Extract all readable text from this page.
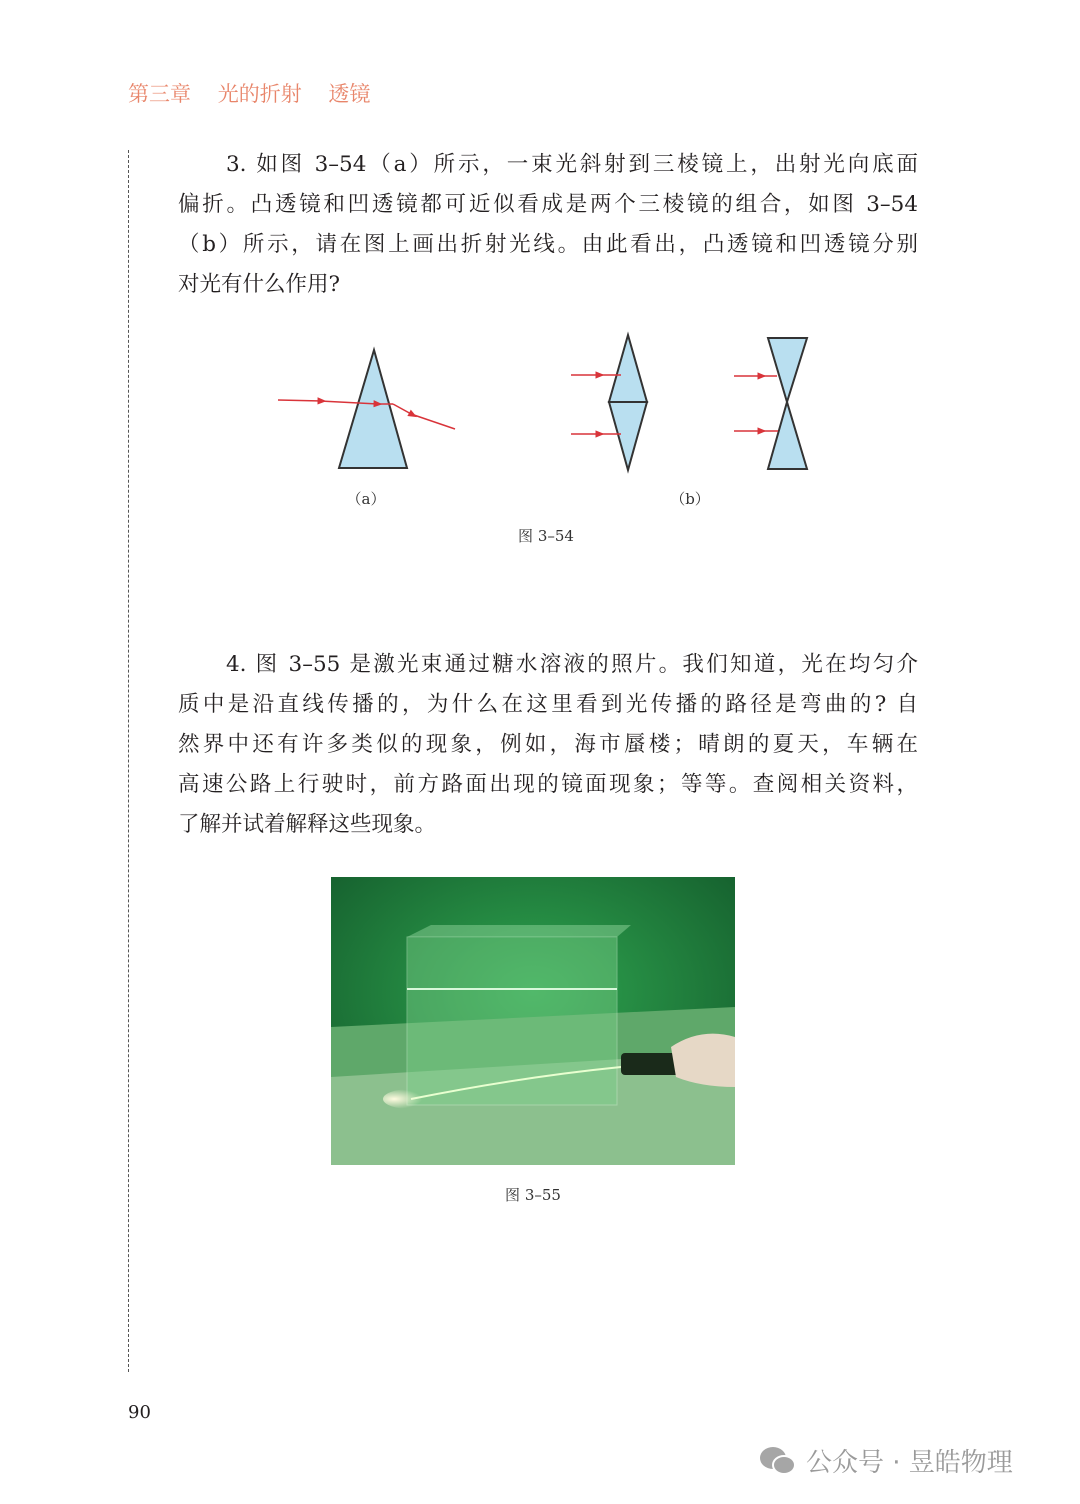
第三章 光的折射 透镜
3. 如图 3–54（a）所示，一束光斜射到三棱镜上，出射光向底面
偏折。凸透镜和凹透镜都可近似看成是两个三棱镜的组合，如图 3–54
（b）所示，请在图上画出折射光线。由此看出，凸透镜和凹透镜分别
对光有什么作用?
（a）	（b）
图 3–54
4. 图 3–55 是激光束通过糖水溶液的照片。我们知道，光在均匀介
质中是沿直线传播的，为什么在这里看到光传播的路径是弯曲的? 自
然界中还有许多类似的现象，例如，海市蜃楼；晴朗的夏天，车辆在
高速公路上行驶时，前方路面出现的镜面现象；等等。查阅相关资料，
了解并试着解释这些现象。
图 3–55
90
公众号 · 昱皓物理
